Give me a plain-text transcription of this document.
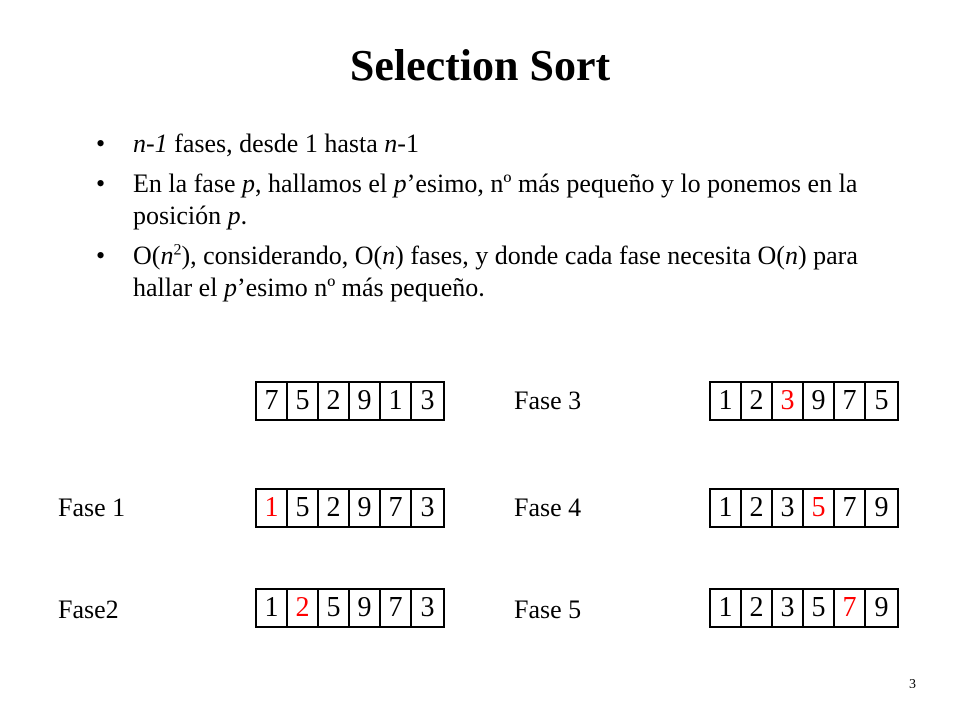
Selection Sort
• n-1 fases, desde 1 hasta n-1
• En la fase p, hallamos el p’esimo, nº más pequeño y lo ponemos en la posición p.
• $O(n^2)$, considerando, O(n) fases, y donde cada fase necesita O(n) para hallar el p’esimo nº más pequeño.
7 5 2 9 1 3
Fase 1	1 5 2 9 7 3
Fase2	1 2 5 9 7 3
Fase 3	1 2 3 9 7 5
Fase 4	1 2 3 5 7 9
Fase 5	1 2 3 5 7 9
3
